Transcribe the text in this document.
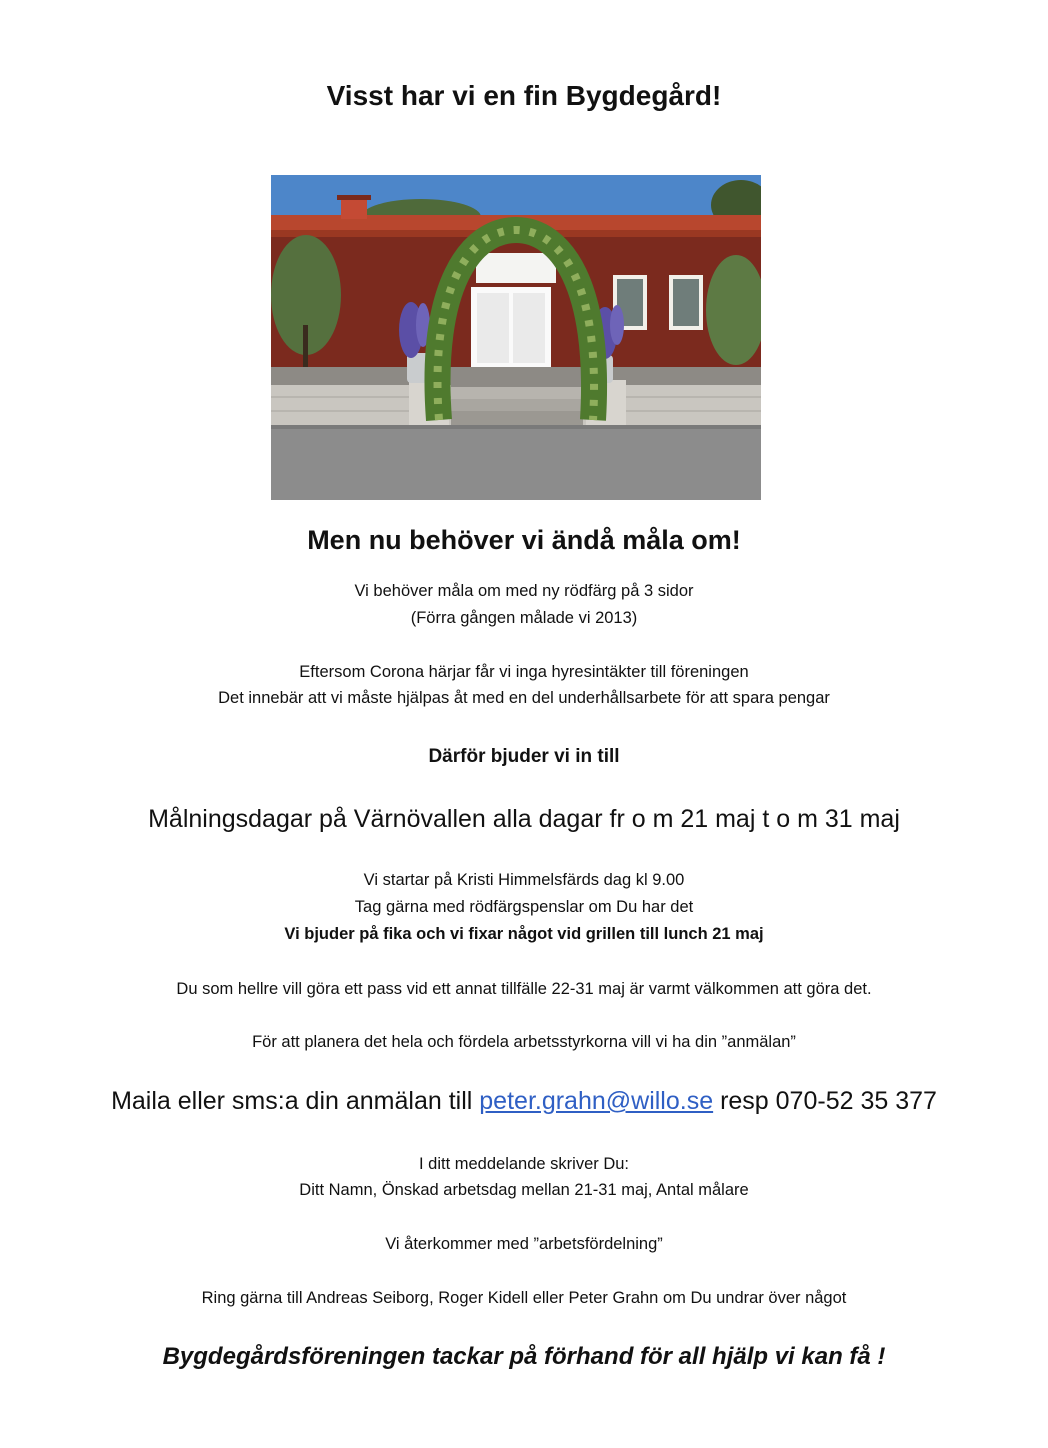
Visst har vi en fin Bygdegård!
Men nu behöver vi ändå måla om!
Vi behöver måla om med ny rödfärg på 3 sidor
(Förra gången målade vi 2013)
Eftersom Corona härjar får vi inga hyresintäkter till föreningen
Det innebär att vi måste hjälpas åt med en del underhållsarbete för att spara pengar
Därför bjuder vi in till
Målningsdagar på Värnövallen alla dagar fr o m 21 maj t o m 31 maj
Vi startar på Kristi Himmelsfärds dag kl 9.00
Tag gärna med rödfärgspenslar om Du har det
Vi bjuder på fika och vi fixar något vid grillen till lunch 21 maj
Du som hellre vill göra ett pass vid ett annat tillfälle 22-31 maj är varmt välkommen att göra det.
För att planera det hela och fördela arbetsstyrkorna vill vi ha din ”anmälan”
Maila eller sms:a din anmälan till peter.grahn@willo.se resp 070-52 35 377
I ditt meddelande skriver Du:
Ditt Namn, Önskad arbetsdag mellan 21-31 maj, Antal målare
Vi återkommer med ”arbetsfördelning”
Ring gärna till Andreas Seiborg, Roger Kidell eller Peter Grahn om Du undrar över något
Bygdegårdsföreningen tackar på förhand för all hjälp vi kan få !
